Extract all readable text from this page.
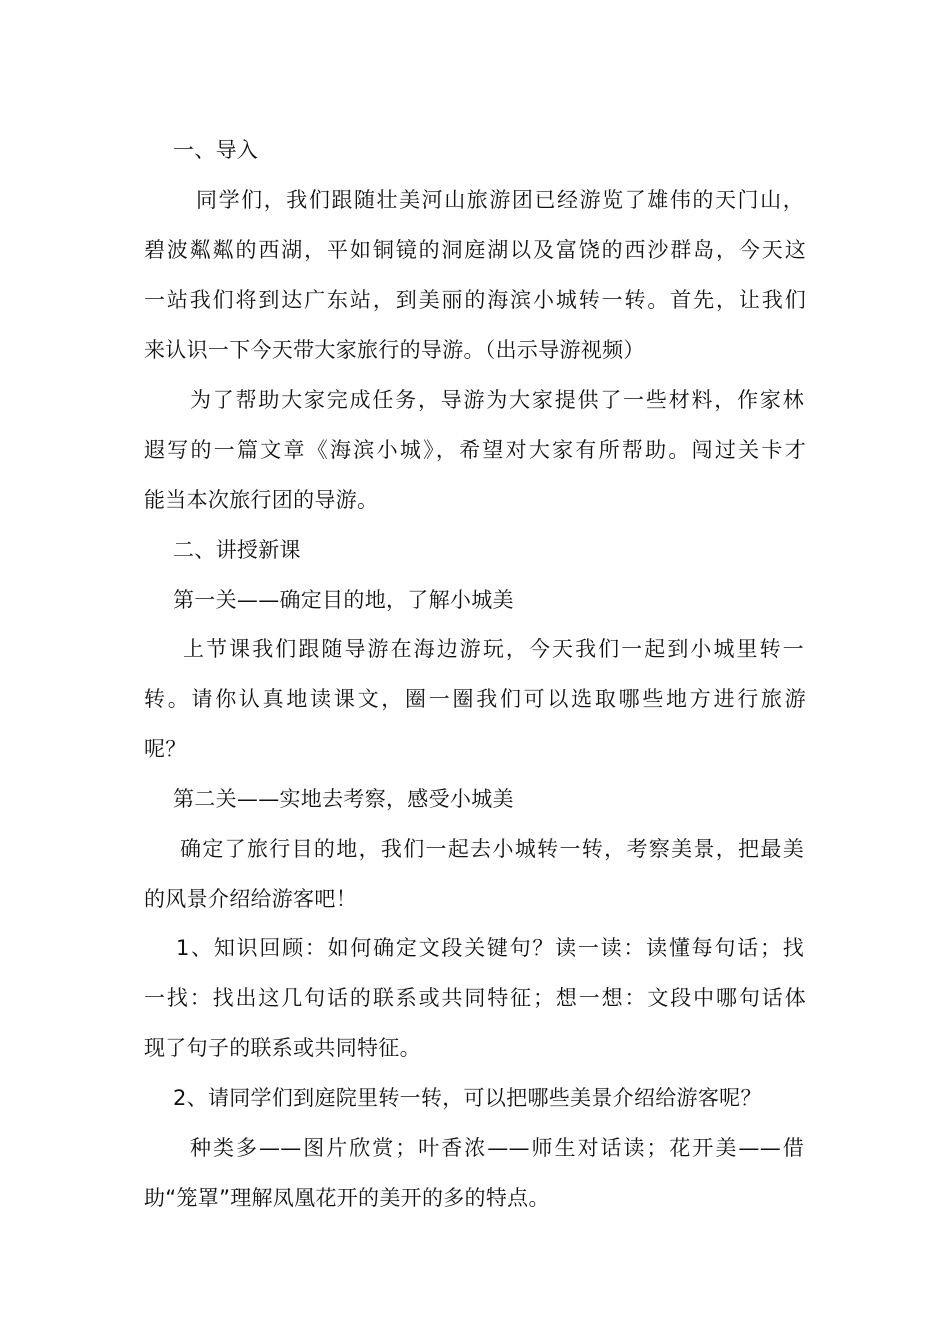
一、导入
同学们，我们跟随壮美河山旅游团已经游览了雄伟的天门山，
碧波粼粼的西湖，平如铜镜的洞庭湖以及富饶的西沙群岛，今天这
一站我们将到达广东站，到美丽的海滨小城转一转。首先，让我们
来认识一下今天带大家旅行的导游。（出示导游视频）
为了帮助大家完成任务，导游为大家提供了一些材料，作家林
遐写的一篇文章《海滨小城》，希望对大家有所帮助。闯过关卡才
能当本次旅行团的导游。
二、讲授新课
第一关——确定目的地，了解小城美
上节课我们跟随导游在海边游玩，今天我们一起到小城里转一
转。请你认真地读课文，圈一圈我们可以选取哪些地方进行旅游
呢？
第二关——实地去考察，感受小城美
确定了旅行目的地，我们一起去小城转一转，考察美景，把最美
的风景介绍给游客吧！
1、知识回顾：如何确定文段关键句？读一读：读懂每句话；找
一找：找出这几句话的联系或共同特征；想一想：文段中哪句话体
现了句子的联系或共同特征。
2、请同学们到庭院里转一转，可以把哪些美景介绍给游客呢？
种类多——图片欣赏；叶香浓——师生对话读；花开美——借
助“笼罩”理解凤凰花开的美开的多的特点。
